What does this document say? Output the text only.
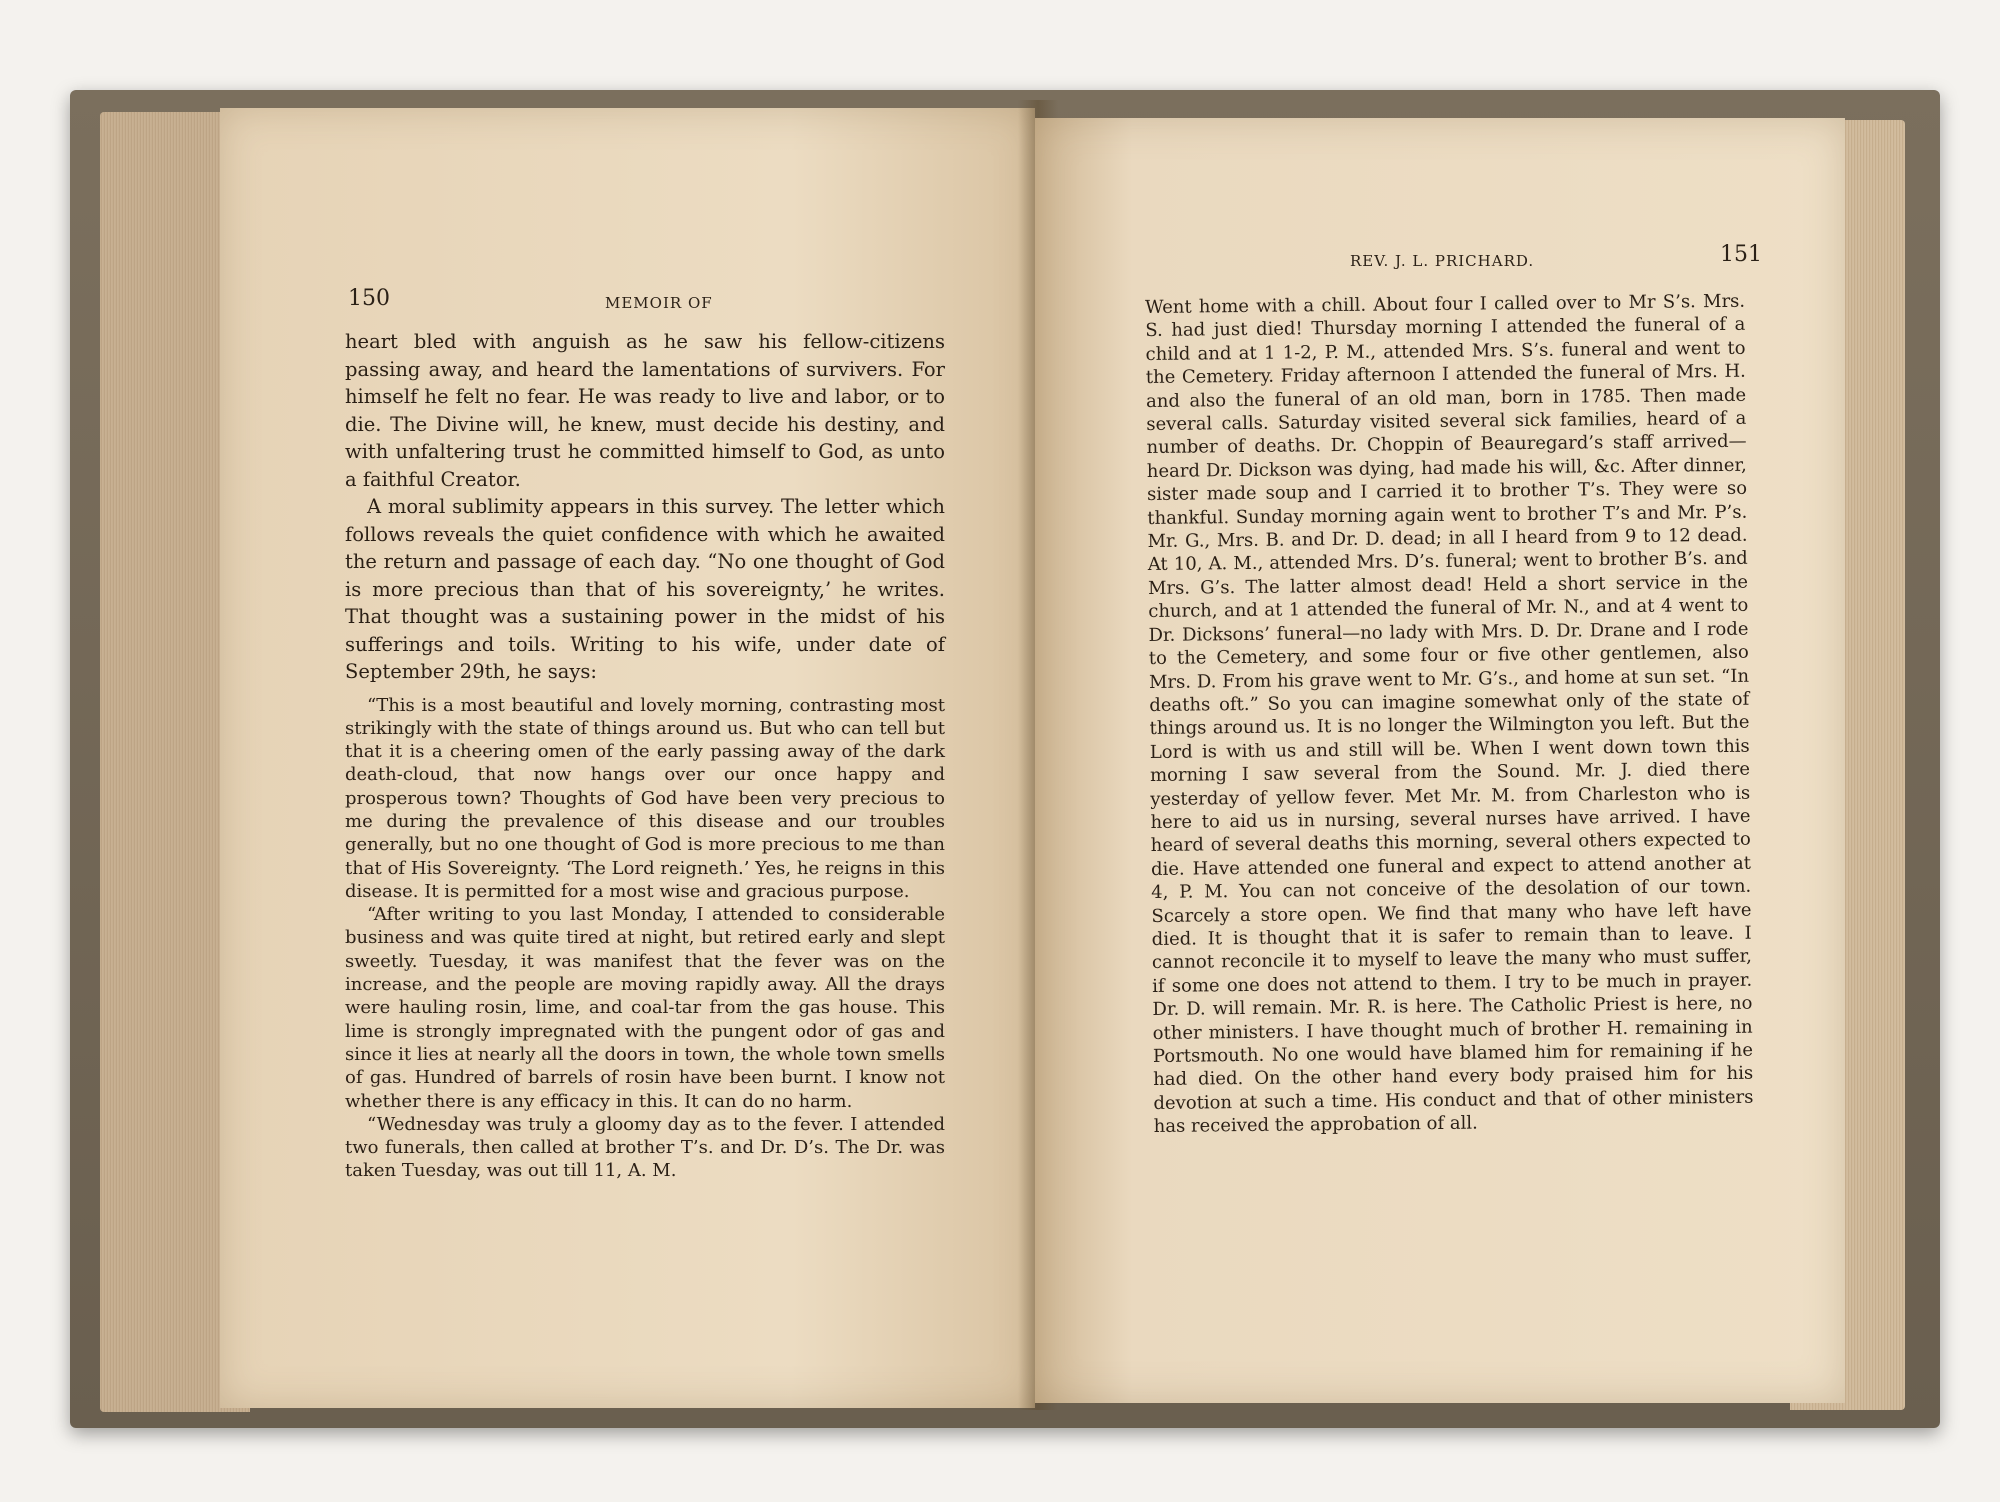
150	MEMOIR OF

heart bled with anguish as he saw his fellow-citizens passing away, and heard the lamentations of survivers. For himself he felt no fear. He was ready to live and labor, or to die. The Divine will, he knew, must decide his destiny, and with unfaltering trust he committed himself to God, as unto a faithful Creator.

A moral sublimity appears in this survey. The letter which follows reveals the quiet confidence with which he awaited the return and passage of each day. “No one thought of God is more precious than that of his sovereignty,’ he writes. That thought was a sustaining power in the midst of his sufferings and toils. Writing to his wife, under date of September 29th, he says:

“This is a most beautiful and lovely morning, contrasting most strikingly with the state of things around us. But who can tell but that it is a cheering omen of the early passing away of the dark death-cloud, that now hangs over our once happy and prosperous town? Thoughts of God have been very precious to me during the prevalence of this disease and our troubles generally, but no one thought of God is more precious to me than that of His Sovereignty. ‘The Lord reigneth.’ Yes, he reigns in this disease. It is permitted for a most wise and gracious purpose.

“After writing to you last Monday, I attended to considerable business and was quite tired at night, but retired early and slept sweetly. Tuesday, it was manifest that the fever was on the increase, and the people are moving rapidly away. All the drays were hauling rosin, lime, and coal-tar from the gas house. This lime is strongly impregnated with the pungent odor of gas and since it lies at nearly all the doors in town, the whole town smells of gas. Hundred of barrels of rosin have been burnt. I know not whether there is any efficacy in this. It can do no harm.

“Wednesday was truly a gloomy day as to the fever. I attended two funerals, then called at brother T’s. and Dr. D’s. The Dr. was taken Tuesday, was out till 11, A. M.

REV. J. L. PRICHARD.	151

Went home with a chill. About four I called over to Mr S’s. Mrs. S. had just died! Thursday morning I attended the funeral of a child and at 1 1-2, P. M., attended Mrs. S’s. funeral and went to the Cemetery. Friday afternoon I attended the funeral of Mrs. H. and also the funeral of an old man, born in 1785. Then made several calls. Saturday visited several sick families, heard of a number of deaths. Dr. Choppin of Beauregard’s staff arrived—heard Dr. Dickson was dying, had made his will, &c. After dinner, sister made soup and I carried it to brother T’s. They were so thankful. Sunday morning again went to brother T’s and Mr. P’s. Mr. G., Mrs. B. and Dr. D. dead; in all I heard from 9 to 12 dead. At 10, A. M., attended Mrs. D’s. funeral; went to brother B’s. and Mrs. G’s. The latter almost dead! Held a short service in the church, and at 1 attended the funeral of Mr. N., and at 4 went to Dr. Dicksons’ funeral—no lady with Mrs. D. Dr. Drane and I rode to the Cemetery, and some four or five other gentlemen, also Mrs. D. From his grave went to Mr. G’s., and home at sun set. “In deaths oft.” So you can imagine somewhat only of the state of things around us. It is no longer the Wilmington you left. But the Lord is with us and still will be. When I went down town this morning I saw several from the Sound. Mr. J. died there yesterday of yellow fever. Met Mr. M. from Charleston who is here to aid us in nursing, several nurses have arrived. I have heard of several deaths this morning, several others expected to die. Have attended one funeral and expect to attend another at 4, P. M. You can not conceive of the desolation of our town. Scarcely a store open. We find that many who have left have died. It is thought that it is safer to remain than to leave. I cannot reconcile it to myself to leave the many who must suffer, if some one does not attend to them. I try to be much in prayer. Dr. D. will remain. Mr. R. is here. The Catholic Priest is here, no other ministers. I have thought much of brother H. remaining in Portsmouth. No one would have blamed him for remaining if he had died. On the other hand every body praised him for his devotion at such a time. His conduct and that of other ministers has received the approbation of all.
